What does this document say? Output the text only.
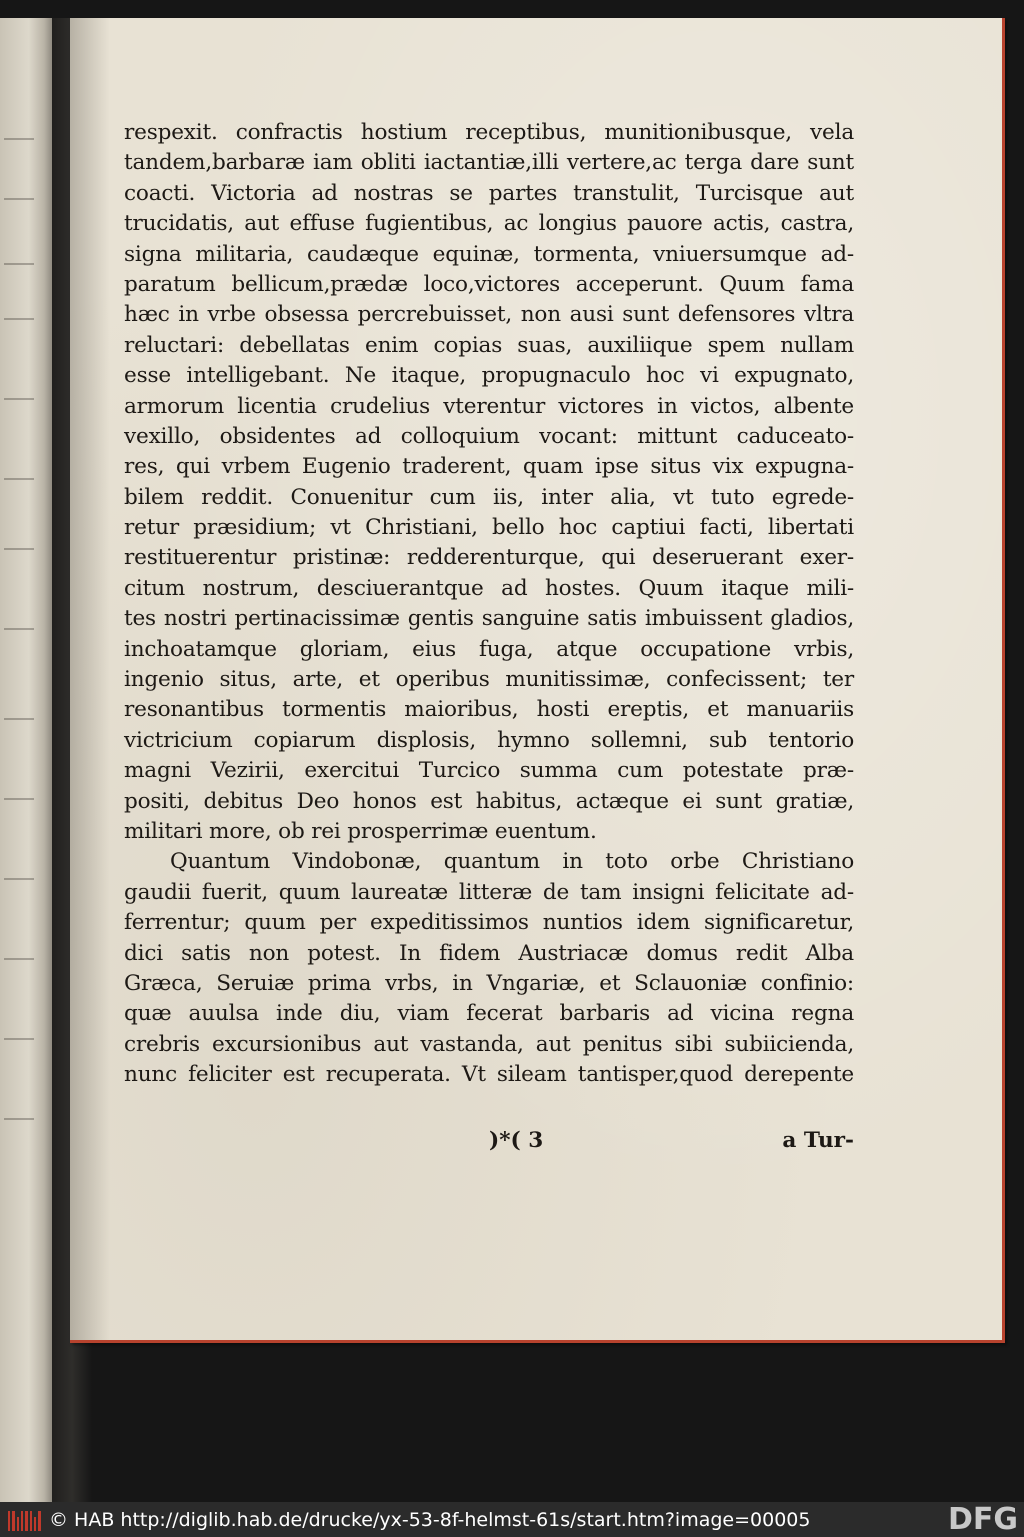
respexit. confractis hostium receptibus, munitionibusque, vela
tandem,barbaræ iam obliti iactantiæ,illi vertere,ac terga dare sunt
coacti. Victoria ad nostras se partes transtulit, Turcisque aut
trucidatis, aut effuse fugientibus, ac longius pauore actis, castra,
signa militaria, caudæque equinæ, tormenta, vniuersumque ad-
paratum bellicum,prædæ loco,victores acceperunt. Quum fama
hæc in vrbe obsessa percrebuisset, non ausi sunt defensores vltra
reluctari: debellatas enim copias suas, auxiliique spem nullam
esse intelligebant. Ne itaque, propugnaculo hoc vi expugnato,
armorum licentia crudelius vterentur victores in victos, albente
vexillo, obsidentes ad colloquium vocant: mittunt caduceato-
res, qui vrbem Eugenio traderent, quam ipse situs vix expugna-
bilem reddit. Conuenitur cum iis, inter alia, vt tuto egrede-
retur præsidium; vt Christiani, bello hoc captiui facti, libertati
restituerentur pristinæ: redderenturque, qui deseruerant exer-
citum nostrum, desciuerantque ad hostes. Quum itaque mili-
tes nostri pertinacissimæ gentis sanguine satis imbuissent gladios,
inchoatamque gloriam, eius fuga, atque occupatione vrbis,
ingenio situs, arte, et operibus munitissimæ, confecissent; ter
resonantibus tormentis maioribus, hosti ereptis, et manuariis
victricium copiarum displosis, hymno sollemni, sub tentorio
magni Vezirii, exercitui Turcico summa cum potestate præ-
positi, debitus Deo honos est habitus, actæque ei sunt gratiæ,
militari more, ob rei prosperrimæ euentum.
Quantum Vindobonæ, quantum in toto orbe Christiano
gaudii fuerit, quum laureatæ litteræ de tam insigni felicitate ad-
ferrentur; quum per expeditissimos nuntios idem significaretur,
dici satis non potest. In fidem Austriacæ domus redit Alba
Græca, Seruiæ prima vrbs, in Vngariæ, et Sclauoniæ confinio:
quæ auulsa inde diu, viam fecerat barbaris ad vicina regna
crebris excursionibus aut vastanda, aut penitus sibi subiicienda,
nunc feliciter est recuperata. Vt sileam tantisper,quod derepente
)*( 3	a Tur-
© HAB http://diglib.hab.de/drucke/yx-53-8f-helmst-61s/start.htm?image=00005	DFG
